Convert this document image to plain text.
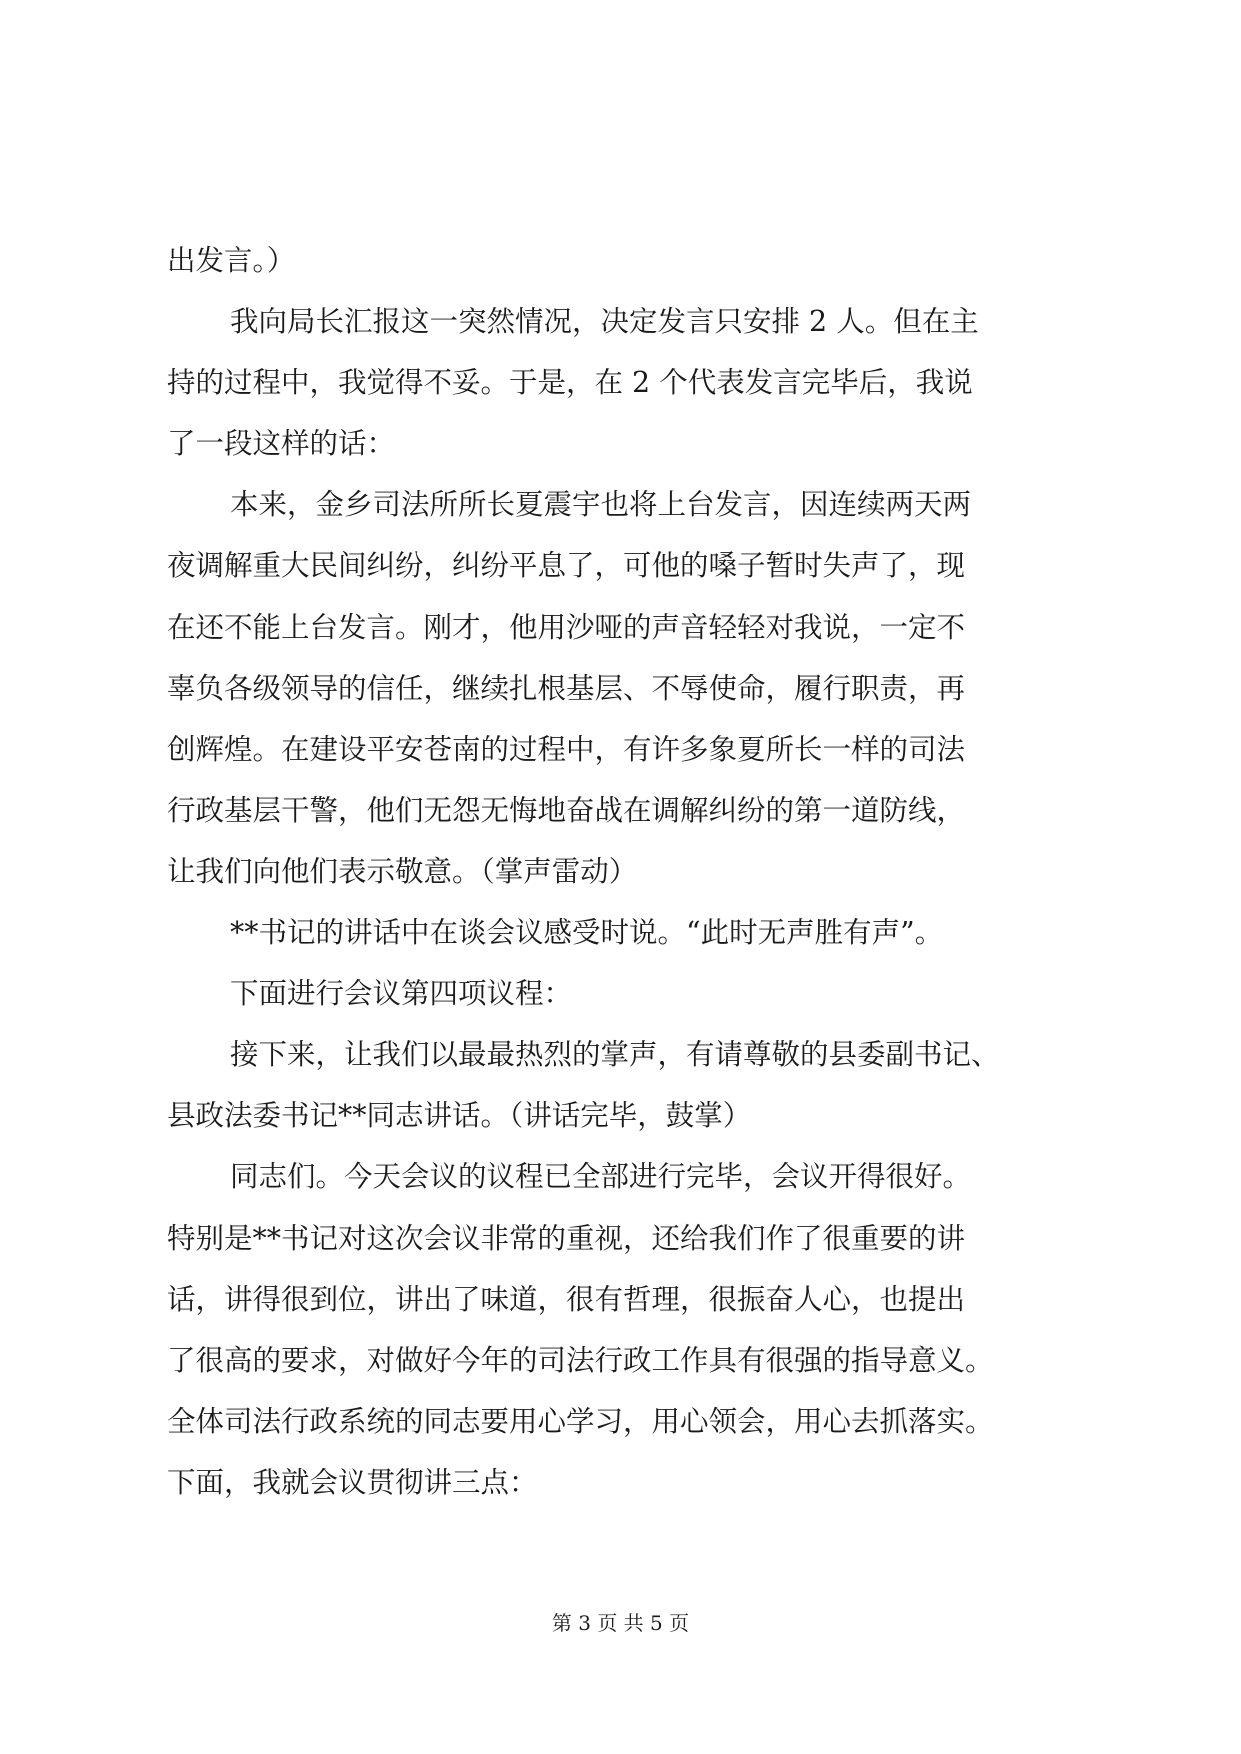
出发言。）
我向局长汇报这一突然情况，决定发言只安排 2 人。但在主
持的过程中，我觉得不妥。于是，在 2 个代表发言完毕后，我说
了一段这样的话：
本来，金乡司法所所长夏震宇也将上台发言，因连续两天两
夜调解重大民间纠纷，纠纷平息了，可他的嗓子暂时失声了，现
在还不能上台发言。刚才，他用沙哑的声音轻轻对我说，一定不
辜负各级领导的信任，继续扎根基层、不辱使命，履行职责，再
创辉煌。在建设平安苍南的过程中，有许多象夏所长一样的司法
行政基层干警，他们无怨无悔地奋战在调解纠纷的第一道防线，
让我们向他们表示敬意。（掌声雷动）
**书记的讲话中在谈会议感受时说。“此时无声胜有声”。
下面进行会议第四项议程：
接下来，让我们以最最热烈的掌声，有请尊敬的县委副书记、
县政法委书记**同志讲话。（讲话完毕，鼓掌）
同志们。今天会议的议程已全部进行完毕，会议开得很好。
特别是**书记对这次会议非常的重视，还给我们作了很重要的讲
话，讲得很到位，讲出了味道，很有哲理，很振奋人心，也提出
了很高的要求，对做好今年的司法行政工作具有很强的指导意义。
全体司法行政系统的同志要用心学习，用心领会，用心去抓落实。
下面，我就会议贯彻讲三点：
第 3 页 共 5 页
